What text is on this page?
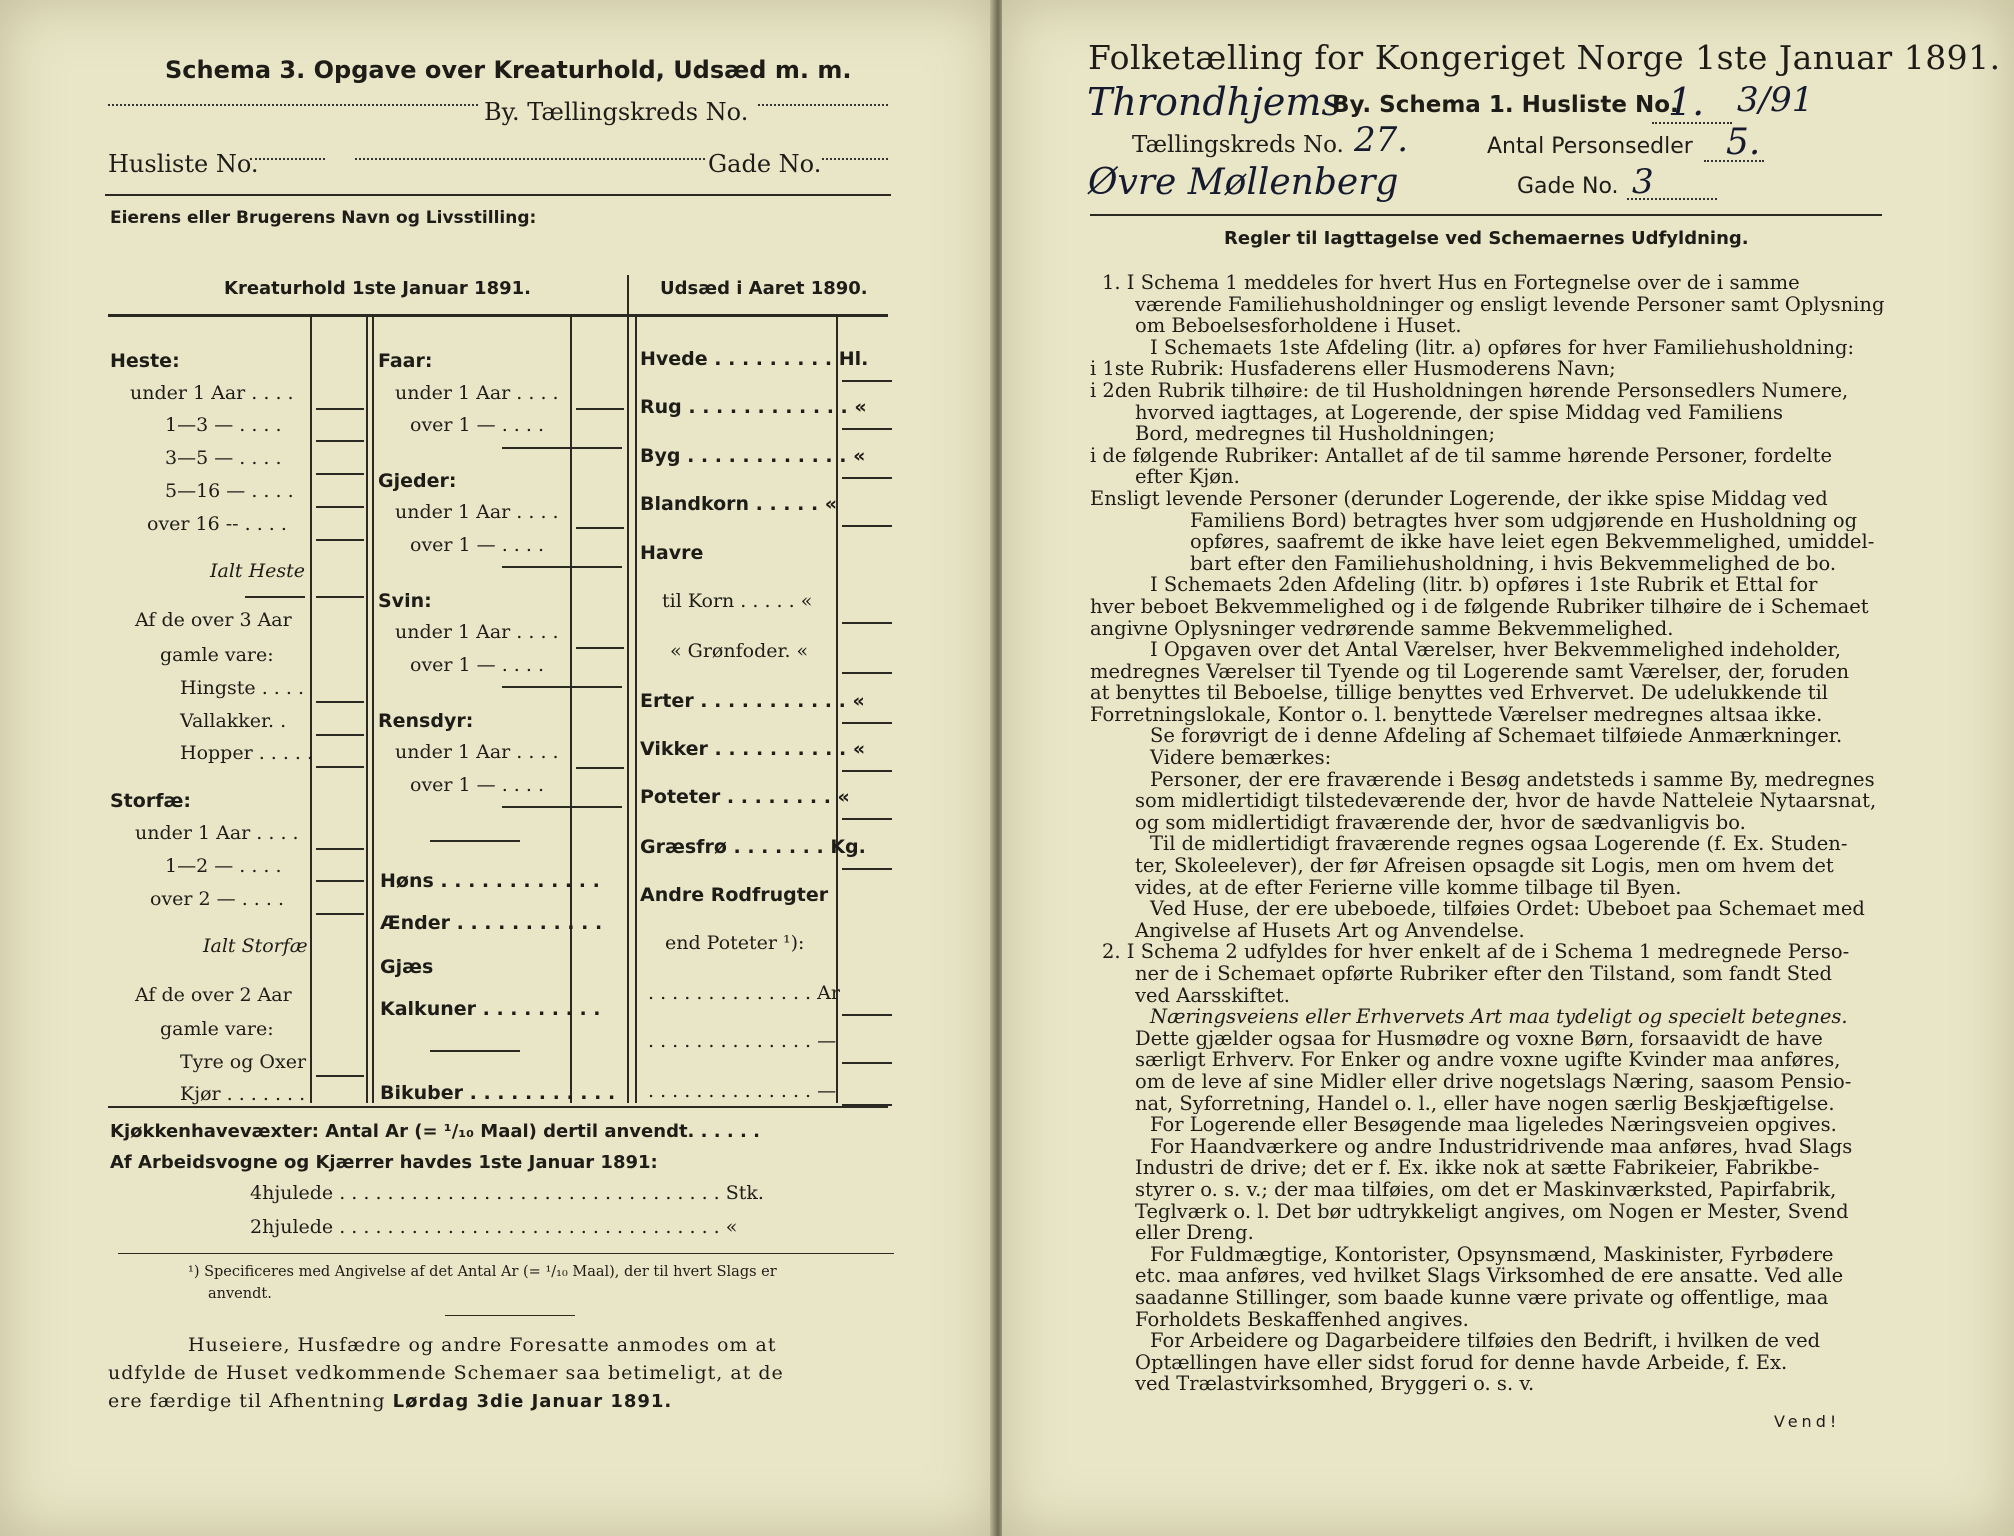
Schema 3. Opgave over Kreaturhold, Udsæd m. m.
By. Tællingskreds No.
Husliste No.	Gade No.
Eierens eller Brugerens Navn og Livsstilling:
Kreaturhold 1ste Januar 1891.	Udsæd i Aaret 1890.
Heste:
under 1 Aar . . . .
1—3 — . . . .
3—5 — . . . .
5—16 — . . . .
over 16 -- . . . .
Ialt Heste
Af de over 3 Aar
gamle vare:
Hingste . . . .
Vallakker. .
Hopper . . . . .
Storfæ:
under 1 Aar . . . .
1—2 — . . . .
over 2 — . . . .
Ialt Storfæ
Af de over 2 Aar
gamle vare:
Tyre og Oxer
Kjør . . . . . . .
Faar:
under 1 Aar . . . .
over 1 — . . . .
Gjeder:
under 1 Aar . . . .
over 1 — . . . .
Svin:
under 1 Aar . . . .
over 1 — . . . .
Rensdyr:
under 1 Aar . . . .
over 1 — . . . .
Høns . . . . . . . . . . . .
Ænder . . . . . . . . . . .
Gjæs
Kalkuner . . . . . . . . .
Bikuber . . . . . . . . . . .
Hvede . . . . . . . . . Hl.
Rug . . . . . . . . . . . . «
Byg . . . . . . . . . . . . «
Blandkorn . . . . . «
Havre
til Korn . . . . . «
« Grønfoder. «
Erter . . . . . . . . . . . «
Vikker . . . . . . . . . . «
Poteter . . . . . . . . «
Græsfrø . . . . . . . Kg.
Andre Rodfrugter
end Poteter ¹):
. . . . . . . . . . . . . . Ar
. . . . . . . . . . . . . . —
. . . . . . . . . . . . . . —
Kjøkkenhavevæxter: Antal Ar (= ¹/₁₀ Maal) dertil anvendt. . . . . .
Af Arbeidsvogne og Kjærrer havdes 1ste Januar 1891:
4hjulede . . . . . . . . . . . . . . . . . . . . . . . . . . . . . . . . Stk.
2hjulede . . . . . . . . . . . . . . . . . . . . . . . . . . . . . . . . «
¹) Specificeres med Angivelse af det Antal Ar (= ¹/₁₀ Maal), der til hvert Slags er
anvendt.
Huseiere, Husfædre og andre Foresatte anmodes om at
udfylde de Huset vedkommende Schemaer saa betimeligt, at de
ere færdige til Afhentning Lørdag 3die Januar 1891.
Folketælling for Kongeriget Norge 1ste Januar 1891.
Throndhjems
By. Schema 1. Husliste No.
1. 3/91
Tællingskreds No. 27.	Antal Personsedler 5.
Øvre Møllenberg	Gade No. 3
Regler til Iagttagelse ved Schemaernes Udfyldning.
Vend!
1. I Schema 1 meddeles for hvert Hus en Fortegnelse over de i samme
værende Familiehusholdninger og ensligt levende Personer samt Oplysning
om Beboelsesforholdene i Huset.
I Schemaets 1ste Afdeling (litr. a) opføres for hver Familiehusholdning:
i 1ste Rubrik: Husfaderens eller Husmoderens Navn;
i 2den Rubrik tilhøire: de til Husholdningen hørende Personsedlers Numere,
hvorved iagttages, at Logerende, der spise Middag ved Familiens
Bord, medregnes til Husholdningen;
i de følgende Rubriker: Antallet af de til samme hørende Personer, fordelte
efter Kjøn.
Ensligt levende Personer (derunder Logerende, der ikke spise Middag ved
Familiens Bord) betragtes hver som udgjørende en Husholdning og
opføres, saafremt de ikke have leiet egen Bekvemmelighed, umiddel-
bart efter den Familiehusholdning, i hvis Bekvemmelighed de bo.
I Schemaets 2den Afdeling (litr. b) opføres i 1ste Rubrik et Ettal for
hver beboet Bekvemmelighed og i de følgende Rubriker tilhøire de i Schemaet
angivne Oplysninger vedrørende samme Bekvemmelighed.
I Opgaven over det Antal Værelser, hver Bekvemmelighed indeholder,
medregnes Værelser til Tyende og til Logerende samt Værelser, der, foruden
at benyttes til Beboelse, tillige benyttes ved Erhvervet. De udelukkende til
Forretningslokale, Kontor o. l. benyttede Værelser medregnes altsaa ikke.
Se forøvrigt de i denne Afdeling af Schemaet tilføiede Anmærkninger.
Videre bemærkes:
Personer, der ere fraværende i Besøg andetsteds i samme By, medregnes
som midlertidigt tilstedeværende der, hvor de havde Natteleie Nytaarsnat,
og som midlertidigt fraværende der, hvor de sædvanligvis bo.
Til de midlertidigt fraværende regnes ogsaa Logerende (f. Ex. Studen-
ter, Skoleelever), der før Afreisen opsagde sit Logis, men om hvem det
vides, at de efter Ferierne ville komme tilbage til Byen.
Ved Huse, der ere ubeboede, tilføies Ordet: Ubeboet paa Schemaet med
Angivelse af Husets Art og Anvendelse.
2. I Schema 2 udfyldes for hver enkelt af de i Schema 1 medregnede Perso-
ner de i Schemaet opførte Rubriker efter den Tilstand, som fandt Sted
ved Aarsskiftet.
Næringsveiens eller Erhvervets Art maa tydeligt og specielt betegnes.
Dette gjælder ogsaa for Husmødre og voxne Børn, forsaavidt de have
særligt Erhverv. For Enker og andre voxne ugifte Kvinder maa anføres,
om de leve af sine Midler eller drive nogetslags Næring, saasom Pensio-
nat, Syforretning, Handel o. l., eller have nogen særlig Beskjæftigelse.
For Logerende eller Besøgende maa ligeledes Næringsveien opgives.
For Haandværkere og andre Industridrivende maa anføres, hvad Slags
Industri de drive; det er f. Ex. ikke nok at sætte Fabrikeier, Fabrikbe-
styrer o. s. v.; der maa tilføies, om det er Maskinværksted, Papirfabrik,
Teglværk o. l. Det bør udtrykkeligt angives, om Nogen er Mester, Svend
eller Dreng.
For Fuldmægtige, Kontorister, Opsynsmænd, Maskinister, Fyrbødere
etc. maa anføres, ved hvilket Slags Virksomhed de ere ansatte. Ved alle
saadanne Stillinger, som baade kunne være private og offentlige, maa
Forholdets Beskaffenhed angives.
For Arbeidere og Dagarbeidere tilføies den Bedrift, i hvilken de ved
Optællingen have eller sidst forud for denne havde Arbeide, f. Ex.
ved Trælastvirksomhed, Bryggeri o. s. v.
